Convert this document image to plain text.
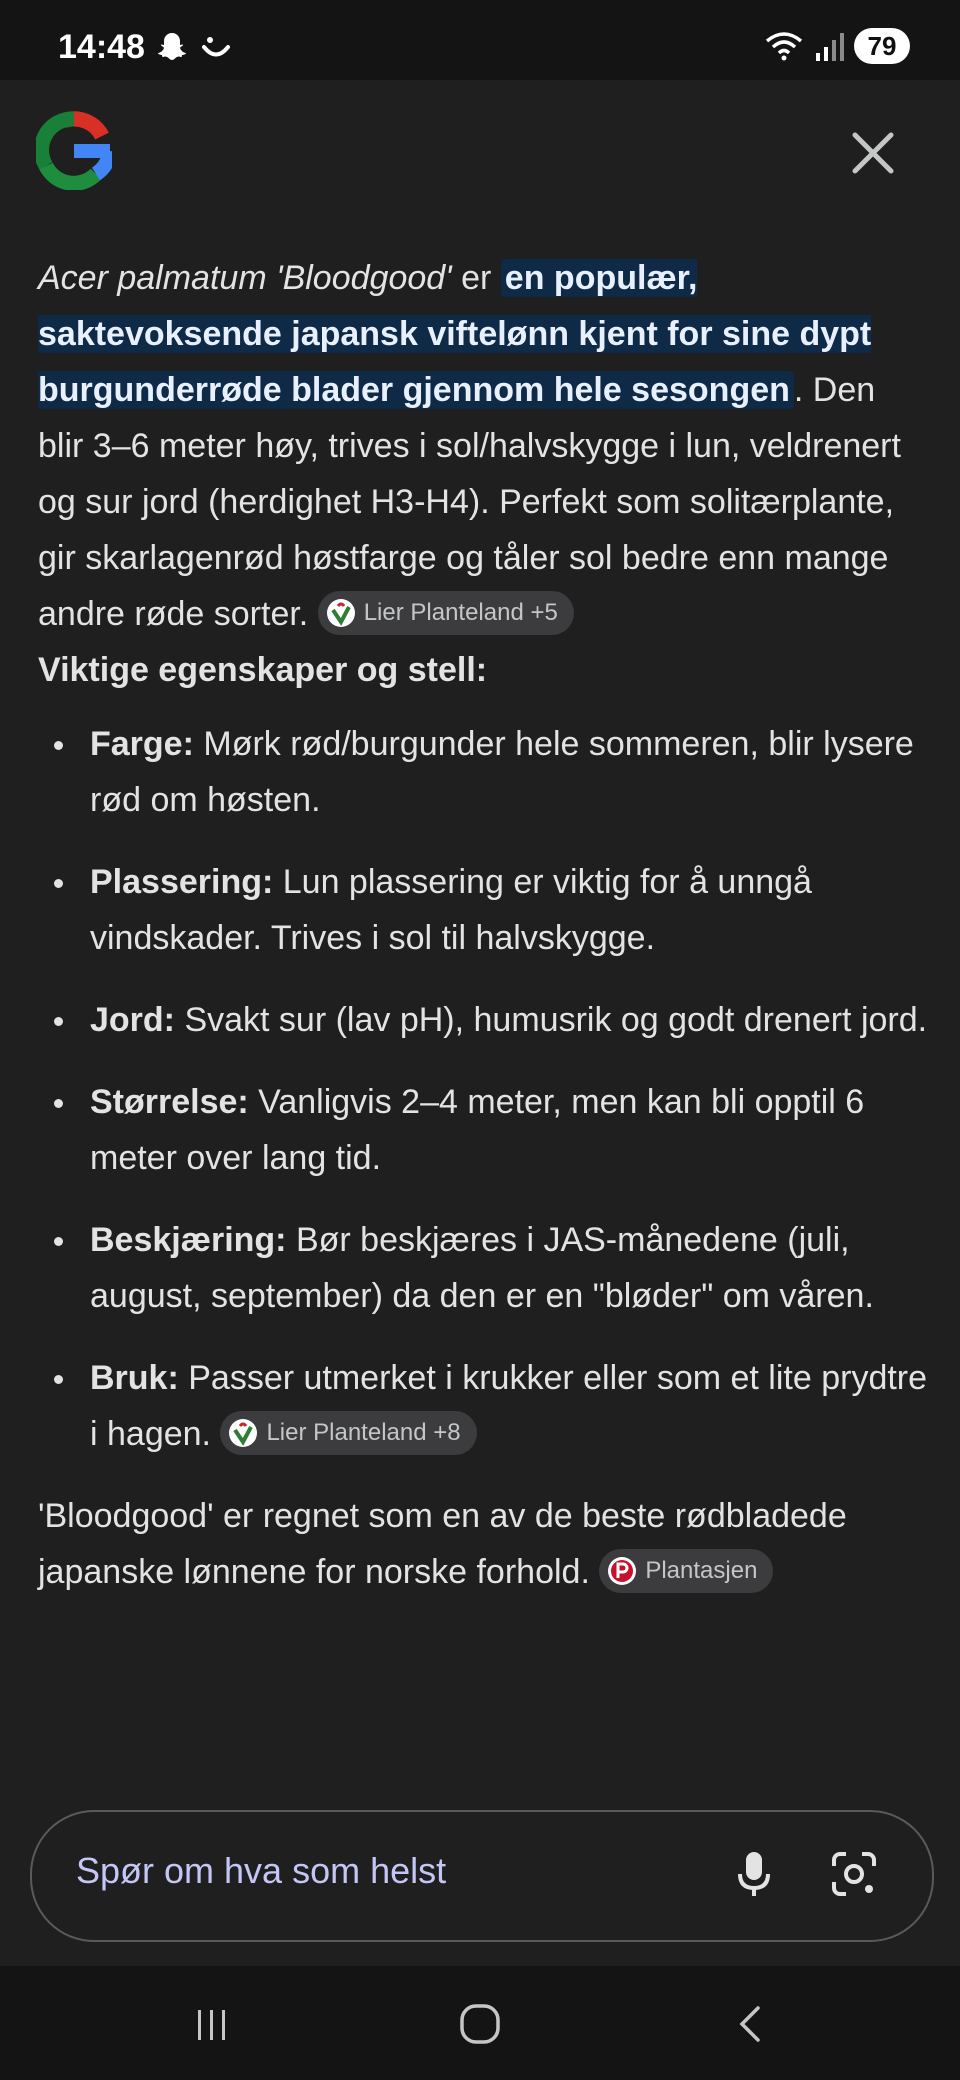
14:48
	79

Acer palmatum 'Bloodgood' er en populær, saktevoksende japansk viftelønn kjent for sine dypt burgunderrøde blader gjennom hele sesongen . Den blir 3–6 meter høy, trives i sol/halvskygge i lun, veldrenert og sur jord (herdighet H3-H4). Perfekt som solitærplante, gir skarlagenrød høstfarge og tåler sol bedre enn mange andre røde sorter. Lier Planteland +5

Viktige egenskaper og stell:

Farge: Mørk rød/burgunder hele sommeren, blir lysere rød om høsten.
Plassering: Lun plassering er viktig for å unngå vindskader. Trives i sol til halvskygge.
Jord: Svakt sur (lav pH), humusrik og godt drenert jord.
Størrelse: Vanligvis 2–4 meter, men kan bli opptil 6 meter over lang tid.
Beskjæring: Bør beskjæres i JAS-månedene (juli, august, september) da den er en "bløder" om våren.
Bruk: Passer utmerket i krukker eller som et lite prydtre i hagen. Lier Planteland +8

'Bloodgood' er regnet som en av de beste rødbladede japanske lønnene for norske forhold. Plantasjen

Spør om hva som helst
